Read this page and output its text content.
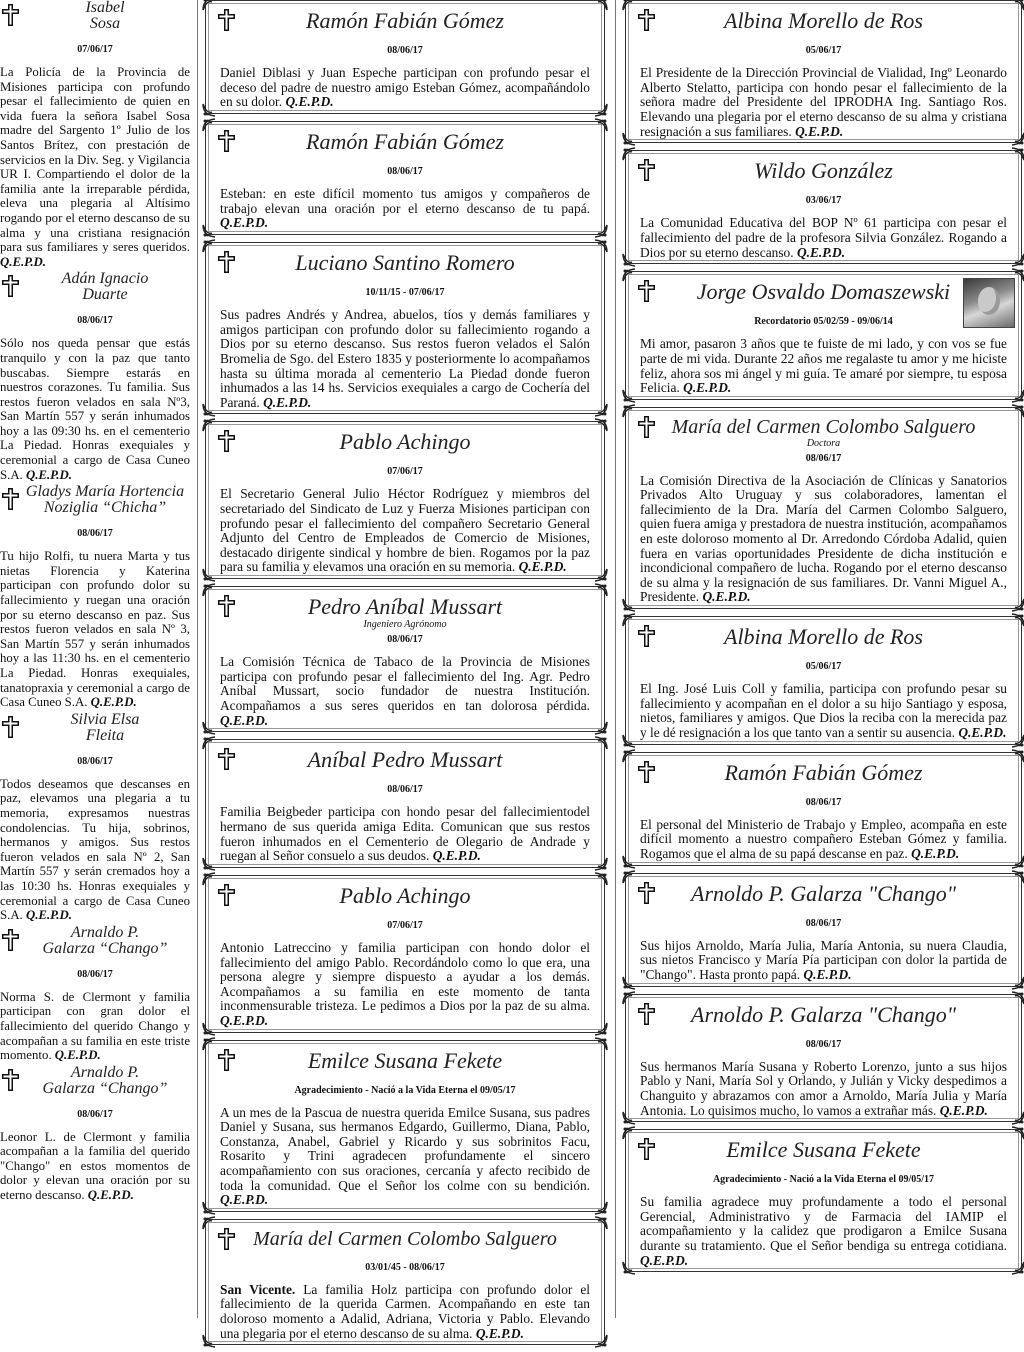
Isabel
Sosa
07/06/17
La Policía de la Provincia de Misiones participa con profundo pesar el fallecimiento de quien en vida fuera la señora Isabel Sosa madre del Sargento 1º Julio de los Santos Brítez, con prestación de servicios en la Div. Seg. y Vigilancia UR I. Compartiendo el dolor de la familia ante la irreparable pérdida, eleva una plegaria al Altísimo rogando por el eterno descanso de su alma y una cristiana resignación para sus familiares y seres queridos. Q.E.P.D.
Adán Ignacio
Duarte
08/06/17
Sólo nos queda pensar que estás tranquilo y con la paz que tanto buscabas. Siempre estarás en nuestros corazones. Tu familia. Sus restos fueron velados en sala Nº3, San Martín 557 y serán inhumados hoy a las 09:30 hs. en el cementerio La Piedad. Honras exequiales y ceremonial a cargo de Casa Cuneo S.A. Q.E.P.D.
Gladys María Hortencia
Noziglia “Chicha”
08/06/17
Tu hijo Rolfi, tu nuera Marta y tus nietas Florencia y Katerina participan con profundo dolor su fallecimiento y ruegan una oración por su eterno descanso en paz. Sus restos fueron velados en sala Nº 3, San Martín 557 y serán inhumados hoy a las 11:30 hs. en el cementerio La Piedad. Honras exequiales, tanatopraxia y ceremonial a cargo de Casa Cuneo S.A. Q.E.P.D.
Silvia Elsa
Fleita
08/06/17
Todos deseamos que descanses en paz, elevamos una plegaria a tu memoria, expresamos nuestras condolencias. Tu hija, sobrinos, hermanos y amigos. Sus restos fueron velados en sala Nº 2, San Martín 557 y serán cremados hoy a las 10:30 hs. Honras exequiales y ceremonial a cargo de Casa Cuneo S.A. Q.E.P.D.
Arnaldo P.
Galarza “Chango”
08/06/17
Norma S. de Clermont y familia participan con gran dolor el fallecimiento del querido Chango y acompañan a su familia en este triste momento. Q.E.P.D.
Arnaldo P.
Galarza “Chango”
08/06/17
Leonor L. de Clermont y familia acompañan a la familia del querido "Chango" en estos momentos de dolor y elevan una oración por su eterno descanso. Q.E.P.D.
Ramón Fabián Gómez
08/06/17
Daniel Diblasi y Juan Espeche participan con profundo pesar el deceso del padre de nuestro amigo Esteban Gómez, acompañándolo en su dolor. Q.E.P.D.
Ramón Fabián Gómez
08/06/17
Esteban: en este difícil momento tus amigos y compañeros de trabajo elevan una oración por el eterno descanso de tu papá. Q.E.P.D.
Luciano Santino Romero
10/11/15 - 07/06/17
Sus padres Andrés y Andrea, abuelos, tíos y demás familiares y amigos participan con profundo dolor su fallecimiento rogando a Dios por su eterno descanso. Sus restos fueron velados el Salón Bromelia de Sgo. del Estero 1835 y posteriormente lo acompañamos hasta su última morada al cementerio La Piedad donde fueron inhumados a las 14 hs. Servicios exequiales a cargo de Cochería del Paraná. Q.E.P.D.
Pablo Achingo
07/06/17
El Secretario General Julio Héctor Rodríguez y miembros del secretariado del Sindicato de Luz y Fuerza Misiones participan con profundo pesar el fallecimiento del compañero Secretario General Adjunto del Centro de Empleados de Comercio de Misiones, destacado dirigente sindical y hombre de bien. Rogamos por la paz para su familia y elevamos una oración en su memoria. Q.E.P.D.
Pedro Aníbal Mussart
Ingeniero Agrónomo
08/06/17
La Comisión Técnica de Tabaco de la Provincia de Misiones participa con profundo pesar el fallecimiento del Ing. Agr. Pedro Aníbal Mussart, socio fundador de nuestra Institución. Acompañamos a sus seres queridos en tan dolorosa pérdida. Q.E.P.D.
Aníbal Pedro Mussart
08/06/17
Familia Beigbeder participa con hondo pesar del fallecimientodel hermano de sus querida amiga Edita. Comunican que sus restos fueron inhumados en el Cementerio de Olegario de Andrade y ruegan al Señor consuelo a sus deudos. Q.E.P.D.
Pablo Achingo
07/06/17
Antonio Latreccino y familia participan con hondo dolor el fallecimiento del amigo Pablo. Recordándolo como lo que era, una persona alegre y siempre dispuesto a ayudar a los demás. Acompañamos a su familia en este momento de tanta inconmensurable tristeza. Le pedimos a Dios por la paz de su alma. Q.E.P.D.
Emilce Susana Fekete
Agradecimiento - Nació a la Vida Eterna el 09/05/17
A un mes de la Pascua de nuestra querida Emilce Susana, sus padres Daniel y Susana, sus hermanos Edgardo, Guillermo, Diana, Pablo, Constanza, Anabel, Gabriel y Ricardo y sus sobrinitos Facu, Rosarito y Trini agradecen profundamente el sincero acompañamiento con sus oraciones, cercanía y afecto recibido de toda la comunidad. Que el Señor los colme con su bendición. Q.E.P.D.
María del Carmen Colombo Salguero
03/01/45 - 08/06/17
San Vicente. La familia Holz participa con profundo dolor el fallecimiento de la querida Carmen. Acompañando en este tan doloroso momento a Adalid, Adriana, Victoria y Pablo. Elevando una plegaria por el eterno descanso de su alma. Q.E.P.D.
Albina Morello de Ros
05/06/17
El Presidente de la Dirección Provincial de Vialidad, Ingº Leonardo Alberto Stelatto, participa con hondo pesar el fallecimiento de la señora madre del Presidente del IPRODHA Ing. Santiago Ros. Elevando una plegaria por el eterno descanso de su alma y cristiana resignación a sus familiares. Q.E.P.D.
Wildo González
03/06/17
La Comunidad Educativa del BOP Nº 61 participa con pesar el fallecimiento del padre de la profesora Silvia González. Rogando a Dios por su eterno descanso. Q.E.P.D.
Jorge Osvaldo Domaszewski
Recordatorio 05/02/59 - 09/06/14
Mi amor, pasaron 3 años que te fuiste de mi lado, y con vos se fue parte de mi vida. Durante 22 años me regalaste tu amor y me hiciste feliz, ahora sos mi ángel y mi guía. Te amaré por siempre, tu esposa Felicia. Q.E.P.D.
María del Carmen Colombo Salguero
Doctora
08/06/17
La Comisión Directiva de la Asociación de Clínicas y Sanatorios Privados Alto Uruguay y sus colaboradores, lamentan el fallecimiento de la Dra. María del Carmen Colombo Salguero, quien fuera amiga y prestadora de nuestra institución, acompañamos en este doloroso momento al Dr. Arredondo Córdoba Adalid, quien fuera en varias oportunidades Presidente de dicha institución e incondicional compañero de lucha. Rogando por el eterno descanso de su alma y la resignación de sus familiares. Dr. Vanni Miguel A., Presidente. Q.E.P.D.
Albina Morello de Ros
05/06/17
El Ing. José Luis Coll y familia, participa con profundo pesar su fallecimiento y acompañan en el dolor a su hijo Santiago y esposa, nietos, familiares y amigos. Que Dios la reciba con la merecida paz y le dé resignación a los que tanto van a sentir su ausencia. Q.E.P.D.
Ramón Fabián Gómez
08/06/17
El personal del Ministerio de Trabajo y Empleo, acompaña en este difícil momento a nuestro compañero Esteban Gómez y familia. Rogamos que el alma de su papá descanse en paz. Q.E.P.D.
Arnoldo P. Galarza "Chango"
08/06/17
Sus hijos Arnoldo, María Julia, María Antonia, su nuera Claudia, sus nietos Francisco y María Pía participan con dolor la partida de "Chango". Hasta pronto papá. Q.E.P.D.
Arnoldo P. Galarza "Chango"
08/06/17
Sus hermanos María Susana y Roberto Lorenzo, junto a sus hijos Pablo y Nani, María Sol y Orlando, y Julián y Vicky despedimos a Changuito y abrazamos con amor a Arnoldo, María Julia y María Antonia. Lo quisimos mucho, lo vamos a extrañar más. Q.E.P.D.
Emilce Susana Fekete
Agradecimiento - Nació a la Vida Eterna el 09/05/17
Su familia agradece muy profundamente a todo el personal Gerencial, Administrativo y de Farmacia del IAMIP el acompañamiento y la calidez que prodigaron a Emilce Susana durante su tratamiento. Que el Señor bendiga su entrega cotidiana. Q.E.P.D.
